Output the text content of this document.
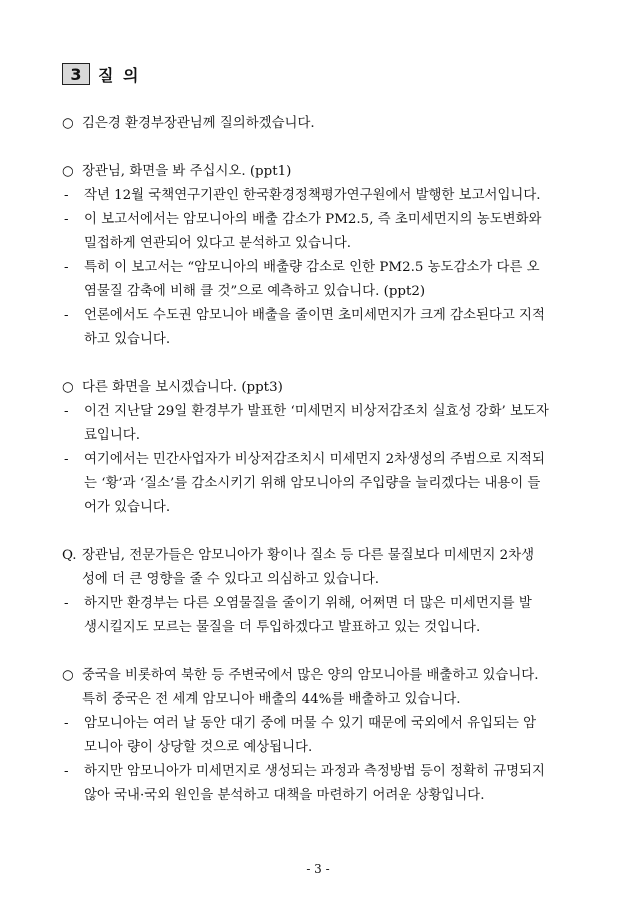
3	질 의
○ 김은경 환경부장관님께 질의하겠습니다.
○ 장관님, 화면을 봐 주십시오. (ppt1)
-	작년 12월 국책연구기관인 한국환경정책평가연구원에서 발행한 보고서입니다.
-	이 보고서에서는 암모니아의 배출 감소가 PM2.5, 즉 초미세먼지의 농도변화와
밀접하게 연관되어 있다고 분석하고 있습니다.
-	특히 이 보고서는 “암모니아의 배출량 감소로 인한 PM2.5 농도감소가 다른 오
염물질 감축에 비해 클 것”으로 예측하고 있습니다. (ppt2)
-	언론에서도 수도권 암모니아 배출을 줄이면 초미세먼지가 크게 감소된다고 지적
하고 있습니다.
○ 다른 화면을 보시겠습니다. (ppt3)
-	이건 지난달 29일 환경부가 발표한 ‘미세먼지 비상저감조치 실효성 강화’ 보도자
료입니다.
-	여기에서는 민간사업자가 비상저감조치시 미세먼지 2차생성의 주범으로 지적되
는 ‘황’과 ‘질소’를 감소시키기 위해 암모니아의 주입량을 늘리겠다는 내용이 들
어가 있습니다.
Q. 장관님, 전문가들은 암모니아가 황이나 질소 등 다른 물질보다 미세먼지 2차생
성에 더 큰 영향을 줄 수 있다고 의심하고 있습니다.
-	하지만 환경부는 다른 오염물질을 줄이기 위해, 어쩌면 더 많은 미세먼지를 발
생시킬지도 모르는 물질을 더 투입하겠다고 발표하고 있는 것입니다.
○ 중국을 비롯하여 북한 등 주변국에서 많은 양의 암모니아를 배출하고 있습니다.
특히 중국은 전 세계 암모니아 배출의 44%를 배출하고 있습니다.
-	암모니아는 여러 날 동안 대기 중에 머물 수 있기 때문에 국외에서 유입되는 암
모니아 량이 상당할 것으로 예상됩니다.
-	하지만 암모니아가 미세먼지로 생성되는 과정과 측정방법 등이 정확히 규명되지
않아 국내·국외 원인을 분석하고 대책을 마련하기 어려운 상황입니다.
- 3 -
